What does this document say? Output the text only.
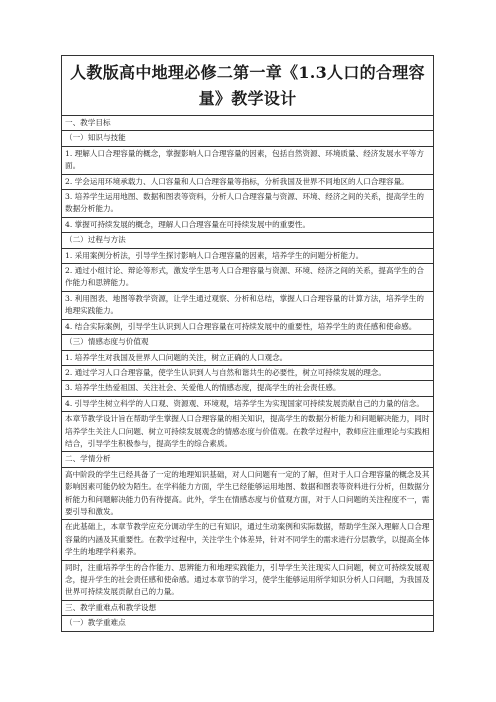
人教版高中地理必修二第一章《1.3人口的合理容量》教学设计
一、教学目标
（一）知识与技能
1. 理解人口合理容量的概念，掌握影响人口合理容量的因素，包括自然资源、环境质量、经济发展水平等方面。
2. 学会运用环境承载力、人口容量和人口合理容量等指标，分析我国及世界不同地区的人口合理容量。
3. 培养学生运用地图、数据和图表等资料，分析人口合理容量与资源、环境、经济之间的关系，提高学生的数据分析能力。
4. 掌握可持续发展的概念，理解人口合理容量在可持续发展中的重要性。
（二）过程与方法
1. 采用案例分析法，引导学生探讨影响人口合理容量的因素，培养学生的问题分析能力。
2. 通过小组讨论、辩论等形式，激发学生思考人口合理容量与资源、环境、经济之间的关系，提高学生的合作能力和思辨能力。
3. 利用图表、地图等教学资源，让学生通过观察、分析和总结，掌握人口合理容量的计算方法，培养学生的地理实践能力。
4. 结合实际案例，引导学生认识到人口合理容量在可持续发展中的重要性，培养学生的责任感和使命感。
（三）情感态度与价值观
1. 培养学生对我国及世界人口问题的关注，树立正确的人口观念。
2. 通过学习人口合理容量，使学生认识到人与自然和谐共生的必要性，树立可持续发展的理念。
3. 培养学生热爱祖国、关注社会、关爱他人的情感态度，提高学生的社会责任感。
4. 引导学生树立科学的人口观、资源观、环境观，培养学生为实现国家可持续发展贡献自己的力量的信念。
本章节教学设计旨在帮助学生掌握人口合理容量的相关知识，提高学生的数据分析能力和问题解决能力，同时培养学生关注人口问题、树立可持续发展观念的情感态度与价值观。在教学过程中，教师应注重理论与实践相结合，引导学生积极参与，提高学生的综合素质。
二、学情分析
高中阶段的学生已经具备了一定的地理知识基础，对人口问题有一定的了解，但对于人口合理容量的概念及其影响因素可能仍较为陌生。在学科能力方面，学生已经能够运用地图、数据和图表等资料进行分析，但数据分析能力和问题解决能力仍有待提高。此外，学生在情感态度与价值观方面，对于人口问题的关注程度不一，需要引导和激发。
在此基础上，本章节教学应充分调动学生的已有知识，通过生动案例和实际数据，帮助学生深入理解人口合理容量的内涵及其重要性。在教学过程中，关注学生个体差异，针对不同学生的需求进行分层教学，以提高全体学生的地理学科素养。
同时，注重培养学生的合作能力、思辨能力和地理实践能力，引导学生关注现实人口问题，树立可持续发展观念，提升学生的社会责任感和使命感。通过本章节的学习，使学生能够运用所学知识分析人口问题，为我国及世界可持续发展贡献自己的力量。
三、教学重难点和教学设想
（一）教学重难点
